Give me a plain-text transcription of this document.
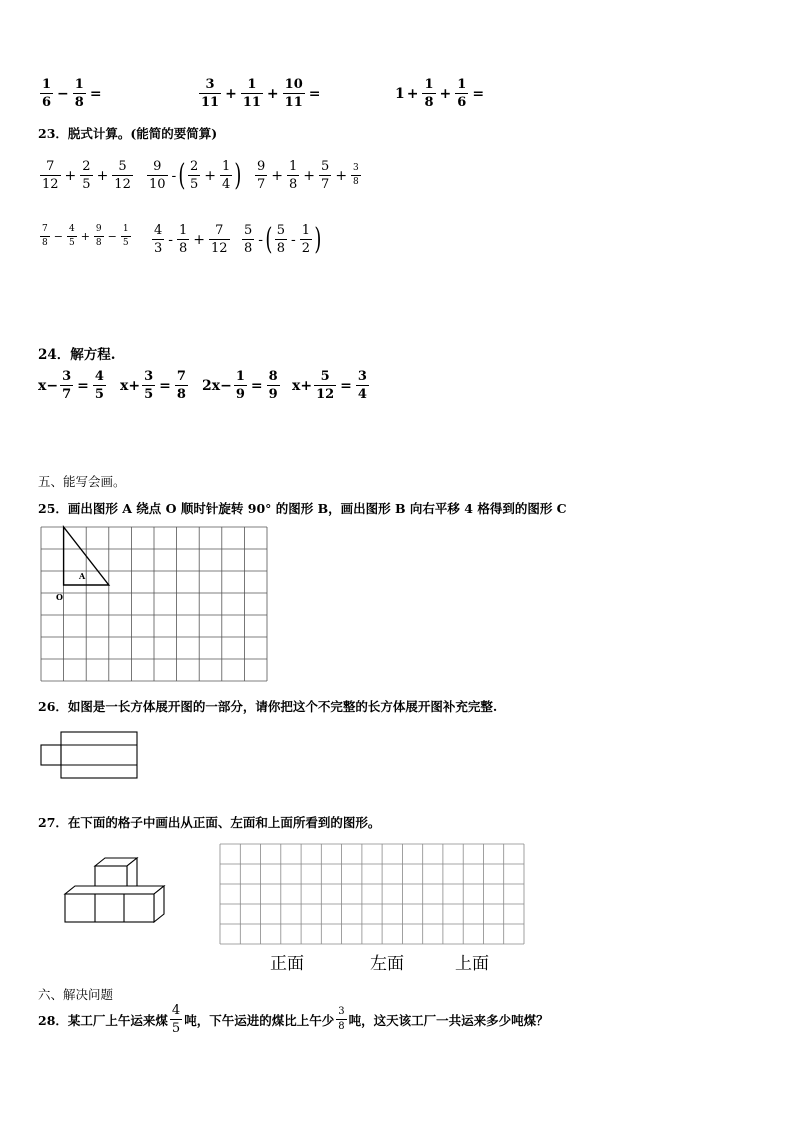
$\frac{1}{6} - \frac{1}{8}$ =	$\frac{3}{11} + \frac{1}{11} + \frac{10}{11}$ =	$1 + \frac{1}{8} + \frac{1}{6}$ =
23．脱式计算。(能简的要简算)
$\frac{7}{12} + \frac{2}{5} + \frac{5}{12} \frac{9}{10}$ - ( $\frac{2}{5} + \frac{1}{4}$ ) $\frac{9}{7} + \frac{1}{8} + \frac{5}{7} + \frac{3}{8}$
$\frac{7}{8} - \frac{4}{5} + \frac{9}{8} - \frac{1}{5} \frac{4}{3} - \frac{1}{8} + \frac{7}{12} \frac{5}{8}$ - ( $\frac{5}{8} - \frac{1}{2}$ )
24．解方程.
$x- \frac{3}{7} = \frac{4}{5} x+ \frac{3}{5} = \frac{7}{8} 2x- \frac{1}{9} = \frac{8}{9} x+ \frac{5}{12} = \frac{3}{4}$
五、能写会画。
25．画出图形 A 绕点 O 顺时针旋转 90° 的图形 B，画出图形 B 向右平移 4 格得到的图形 C
A
O
26．如图是一长方体展开图的一部分，请你把这个不完整的长方体展开图补充完整.
27．在下面的格子中画出从正面、左面和上面所看到的图形。
正面	左面	上面
六、解决问题
28．某工厂上午运来煤 $\frac{4}{5}$ 吨，下午运进的煤比上午少 $\frac{3}{8}$ 吨，这天该工厂一共运来多少吨煤？
